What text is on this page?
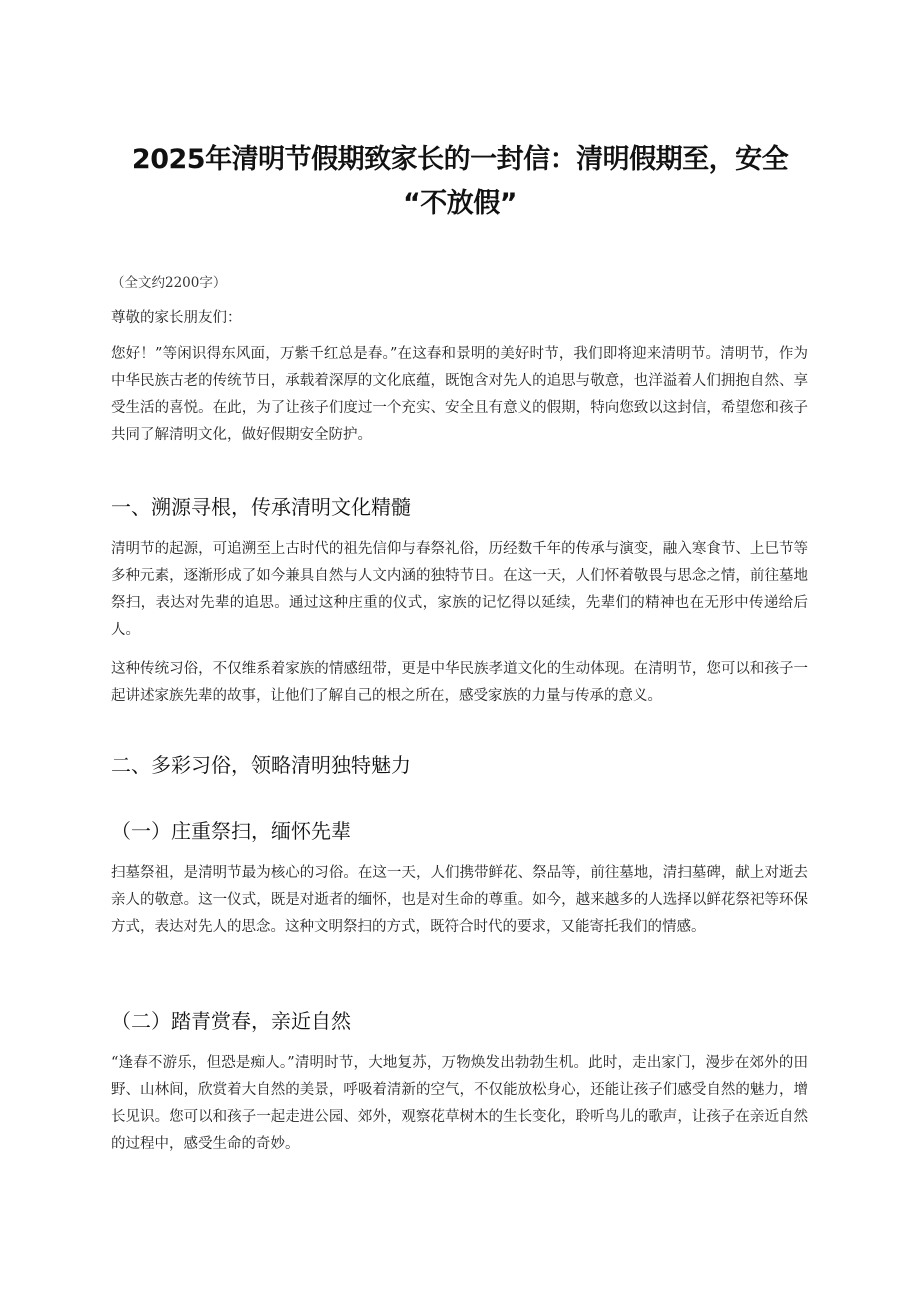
2025年清明节假期致家长的一封信：清明假期至，安全
“不放假”

（全文约2200字）

尊敬的家长朋友们：

您好！”等闲识得东风面，万紫千红总是春。”在这春和景明的美好时节，我们即将迎来清明节。清明节，作为中华民族古老的传统节日，承载着深厚的文化底蕴，既饱含对先人的追思与敬意，也洋溢着人们拥抱自然、享受生活的喜悦。在此，为了让孩子们度过一个充实、安全且有意义的假期，特向您致以这封信，希望您和孩子共同了解清明文化，做好假期安全防护。

一、溯源寻根，传承清明文化精髓

清明节的起源，可追溯至上古时代的祖先信仰与春祭礼俗，历经数千年的传承与演变，融入寒食节、上巳节等多种元素，逐渐形成了如今兼具自然与人文内涵的独特节日。在这一天，人们怀着敬畏与思念之情，前往墓地祭扫，表达对先辈的追思。通过这种庄重的仪式，家族的记忆得以延续，先辈们的精神也在无形中传递给后人。

这种传统习俗，不仅维系着家族的情感纽带，更是中华民族孝道文化的生动体现。在清明节，您可以和孩子一起讲述家族先辈的故事，让他们了解自己的根之所在，感受家族的力量与传承的意义。

二、多彩习俗，领略清明独特魅力
（一）庄重祭扫，缅怀先辈

扫墓祭祖，是清明节最为核心的习俗。在这一天，人们携带鲜花、祭品等，前往墓地，清扫墓碑，献上对逝去亲人的敬意。这一仪式，既是对逝者的缅怀，也是对生命的尊重。如今，越来越多的人选择以鲜花祭祀等环保方式，表达对先人的思念。这种文明祭扫的方式，既符合时代的要求，又能寄托我们的情感。

（二）踏青赏春，亲近自然

“逢春不游乐，但恐是痴人。”清明时节，大地复苏，万物焕发出勃勃生机。此时，走出家门，漫步在郊外的田野、山林间，欣赏着大自然的美景，呼吸着清新的空气，不仅能放松身心，还能让孩子们感受自然的魅力，增长见识。您可以和孩子一起走进公园、郊外，观察花草树木的生长变化，聆听鸟儿的歌声，让孩子在亲近自然的过程中，感受生命的奇妙。
